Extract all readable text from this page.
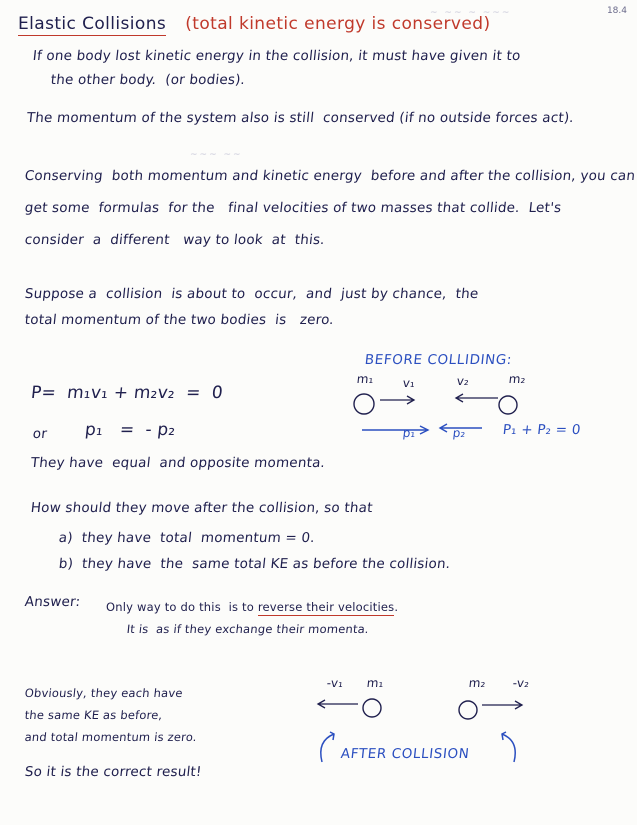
18.4
~ ~~ ~ ~~~
~~~ ~~
Elastic Collisions (total kinetic energy is conserved)
If one body lost kinetic energy in the collision, it must have given it to
the other body.  (or bodies).
The momentum of the system also is still  conserved (if no outside forces act).
Conserving  both momentum and kinetic energy  before and after the collision, you can
get some  formulas  for the   final velocities of two masses that collide.  Let's
consider  a  different   way to look  at  this.
Suppose a  collision  is about to  occur,  and  just by chance,  the
total momentum of the two bodies  is   zero.
P=  m₁v₁ + m₂v₂  =  0
or p₁   =  - p₂
They have  equal  and opposite momenta.
How should they move after the collision, so that
a)  they have  total  momentum = 0.
b)  they have  the  same total KE as before the collision.
Answer: Only way to do this  is to reverse their velocities.
It is  as if they exchange their momenta.
BEFORE COLLIDING:
m₁ v₁	v₂	m₂
p₁	p₂	P₁ + P₂ = 0
-v₁ m₁	m₂ -v₂
AFTER COLLISION
Obviously, they each have
the same KE as before,
and total momentum is zero.
So it is the correct result!
